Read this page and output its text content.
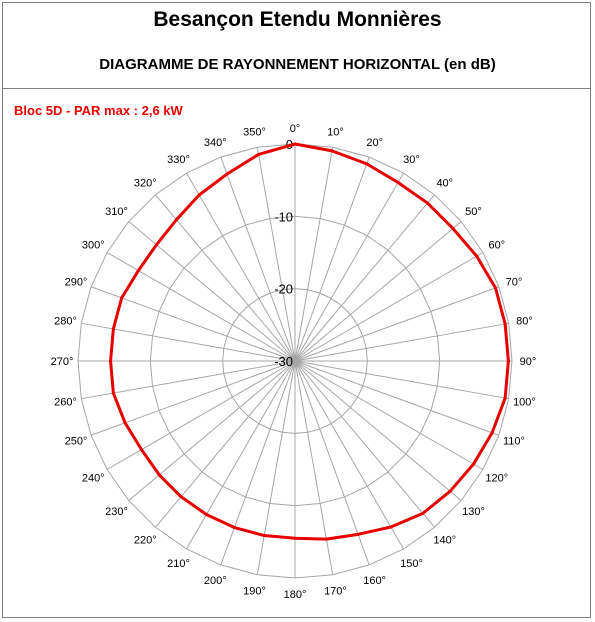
Besançon Etendu Monnières
DIAGRAMME DE RAYONNEMENT HORIZONTAL (en dB)
Bloc 5D - PAR max : 2,6 kW
0
-10
-20
-30
0° 10°
20°
30°
40°
50°
60°
70°
80°
90°
100°
110°
120°
130°
140°
150°
160°
170°
180°
190°
200°
210°
220°
230°
240°
250°
260°
270°
280°
290°
300°
310°
320°
330°
340°
350°
